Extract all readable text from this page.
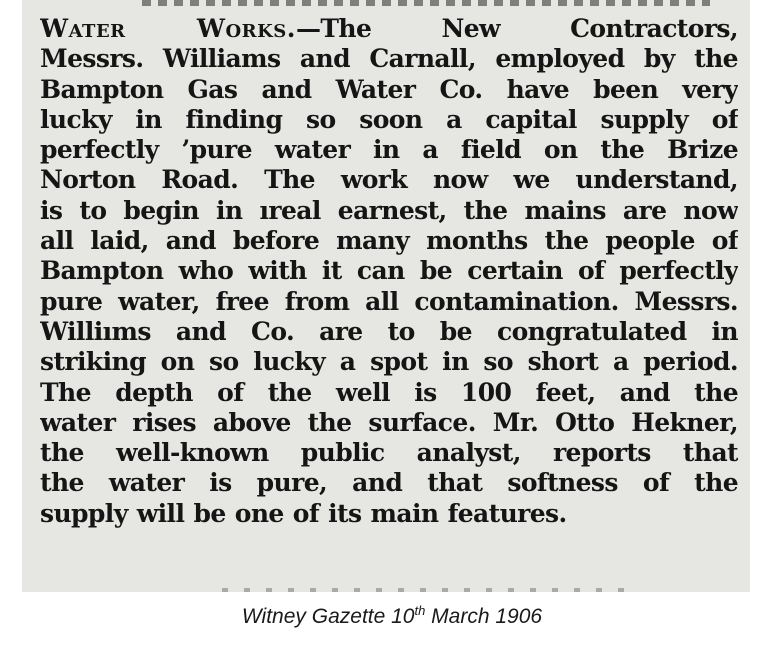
Water Works.—The New Contractors,
Messrs. Williams and Carnall, employed by the
Bampton Gas and Water Co. have been very
lucky in finding so soon a capital supply of
perfectly ’pure water in a field on the Brize
Norton Road. The work now we understand,
is to begin in ıreal earnest, the mains are now
all laid, and before many months the people of
Bampton who with it can be certain of perfectly
pure water, free from all contamination. Messrs.
Williıms and Co. are to be congratulated in
striking on so lucky a spot in so short a period.
The depth of the well is 100 feet, and the
water rises above the surface. Mr. Otto Hekner,
the well-known public analyst, reports that
the water is pure, and that softness of the
supply will be one of its main features.

Witney Gazette 10th March 1906
